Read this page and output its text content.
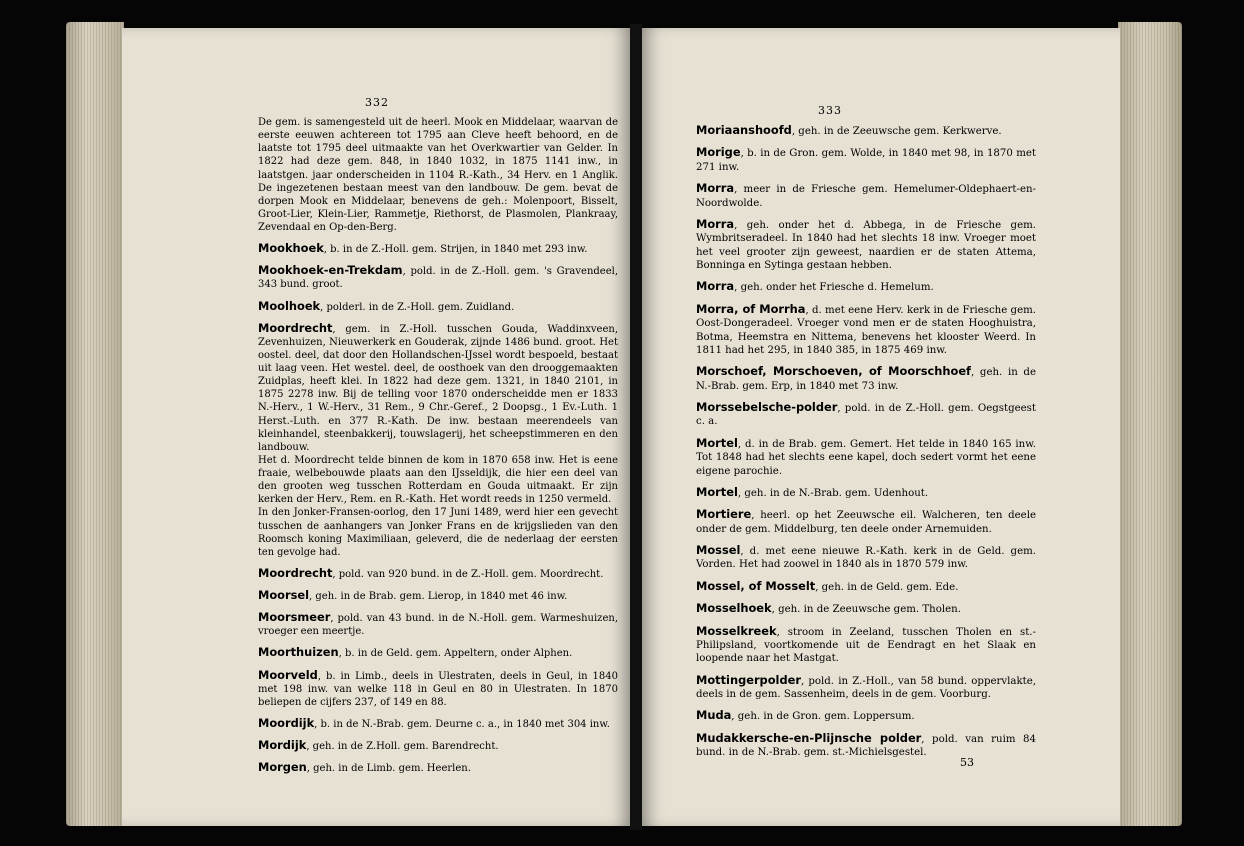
332

De gem. is samengesteld uit de heerl. Mook en Middelaar, waarvan de eerste eeuwen achtereen tot 1795 aan Cleve heeft behoord, en de laatste tot 1795 deel uitmaakte van het Overkwartier van Gelder. In 1822 had deze gem. 848, in 1840 1032, in 1875 1141 inw., in laatstgen. jaar onderscheiden in 1104 R.-Kath., 34 Herv. en 1 Anglik. De ingezetenen bestaan meest van den landbouw. De gem. bevat de dorpen Mook en Middelaar, benevens de geh.: Molenpoort, Bisselt, Groot-Lier, Klein-Lier, Rammetje, Riethorst, de Plasmolen, Plankraay, Zevendaal en Op-den-Berg.

Mookhoek, b. in de Z.-Holl. gem. Strijen, in 1840 met 293 inw.

Mookhoek-en-Trekdam, pold. in de Z.-Holl. gem. 's Gravendeel, 343 bund. groot.

Moolhoek, polderl. in de Z.-Holl. gem. Zuidland.

Moordrecht, gem. in Z.-Holl. tusschen Gouda, Waddinxveen, Zevenhuizen, Nieuwerkerk en Gouderak, zijnde 1486 bund. groot. Het oostel. deel, dat door den Hollandschen-IJssel wordt bespoeld, bestaat uit laag veen. Het westel. deel, de oosthoek van den drooggemaakten Zuidplas, heeft klei. In 1822 had deze gem. 1321, in 1840 2101, in 1875 2278 inw. Bij de telling voor 1870 onderscheidde men er 1833 N.-Herv., 1 W.-Herv., 31 Rem., 9 Chr.-Geref., 2 Doopsg., 1 Ev.-Luth. 1 Herst.-Luth. en 377 R.-Kath. De inw. bestaan meerendeels van kleinhandel, steenbakkerij, touwslagerij, het scheepstimmeren en den landbouw.

Het d. Moordrecht telde binnen de kom in 1870 658 inw. Het is eene fraaie, welbebouwde plaats aan den IJsseldijk, die hier een deel van den grooten weg tusschen Rotterdam en Gouda uitmaakt. Er zijn kerken der Herv., Rem. en R.-Kath. Het wordt reeds in 1250 vermeld.

In den Jonker-Fransen-oorlog, den 17 Juni 1489, werd hier een gevecht tusschen de aanhangers van Jonker Frans en de krijgslieden van den Roomsch koning Maximiliaan, geleverd, die de nederlaag der eersten ten gevolge had.

Moordrecht, pold. van 920 bund. in de Z.-Holl. gem. Moordrecht.

Moorsel, geh. in de Brab. gem. Lierop, in 1840 met 46 inw.

Moorsmeer, pold. van 43 bund. in de N.-Holl. gem. Warmeshuizen, vroeger een meertje.

Moorthuizen, b. in de Geld. gem. Appeltern, onder Alphen.

Moorveld, b. in Limb., deels in Ulestraten, deels in Geul, in 1840 met 198 inw. van welke 118 in Geul en 80 in Ulestraten. In 1870 beliepen de cijfers 237, of 149 en 88.

Moordijk, b. in de N.-Brab. gem. Deurne c. a., in 1840 met 304 inw.

Mordijk, geh. in de Z.Holl. gem. Barendrecht.

Morgen, geh. in de Limb. gem. Heerlen.

333

Moriaanshoofd, geh. in de Zeeuwsche gem. Kerkwerve.

Morige, b. in de Gron. gem. Wolde, in 1840 met 98, in 1870 met 271 inw.

Morra, meer in de Friesche gem. Hemelumer-Oldephaert-en-Noordwolde.

Morra, geh. onder het d. Abbega, in de Friesche gem. Wymbritseradeel. In 1840 had het slechts 18 inw. Vroeger moet het veel grooter zijn geweest, naardien er de staten Attema, Bonninga en Sytinga gestaan hebben.

Morra, geh. onder het Friesche d. Hemelum.

Morra, of Morrha, d. met eene Herv. kerk in de Friesche gem. Oost-Dongeradeel. Vroeger vond men er de staten Hooghuistra, Botma, Heemstra en Nittema, benevens het klooster Weerd. In 1811 had het 295, in 1840 385, in 1875 469 inw.

Morschoef, Morschoeven, of Moorschhoef, geh. in de N.-Brab. gem. Erp, in 1840 met 73 inw.

Morssebelsche-polder, pold. in de Z.-Holl. gem. Oegstgeest c. a.

Mortel, d. in de Brab. gem. Gemert. Het telde in 1840 165 inw. Tot 1848 had het slechts eene kapel, doch sedert vormt het eene eigene parochie.

Mortel, geh. in de N.-Brab. gem. Udenhout.

Mortiere, heerl. op het Zeeuwsche eil. Walcheren, ten deele onder de gem. Middelburg, ten deele onder Arnemuiden.

Mossel, d. met eene nieuwe R.-Kath. kerk in de Geld. gem. Vorden. Het had zoowel in 1840 als in 1870 579 inw.

Mossel, of Mosselt, geh. in de Geld. gem. Ede.

Mosselhoek, geh. in de Zeeuwsche gem. Tholen.

Mosselkreek, stroom in Zeeland, tusschen Tholen en st.-Philipsland, voortkomende uit de Eendragt en het Slaak en loopende naar het Mastgat.

Mottingerpolder, pold. in Z.-Holl., van 58 bund. oppervlakte, deels in de gem. Sassenheim, deels in de gem. Voorburg.

Muda, geh. in de Gron. gem. Loppersum.

Mudakkersche-en-Plijnsche polder, pold. van ruim 84 bund. in de N.-Brab. gem. st.-Michielsgestel.

53
